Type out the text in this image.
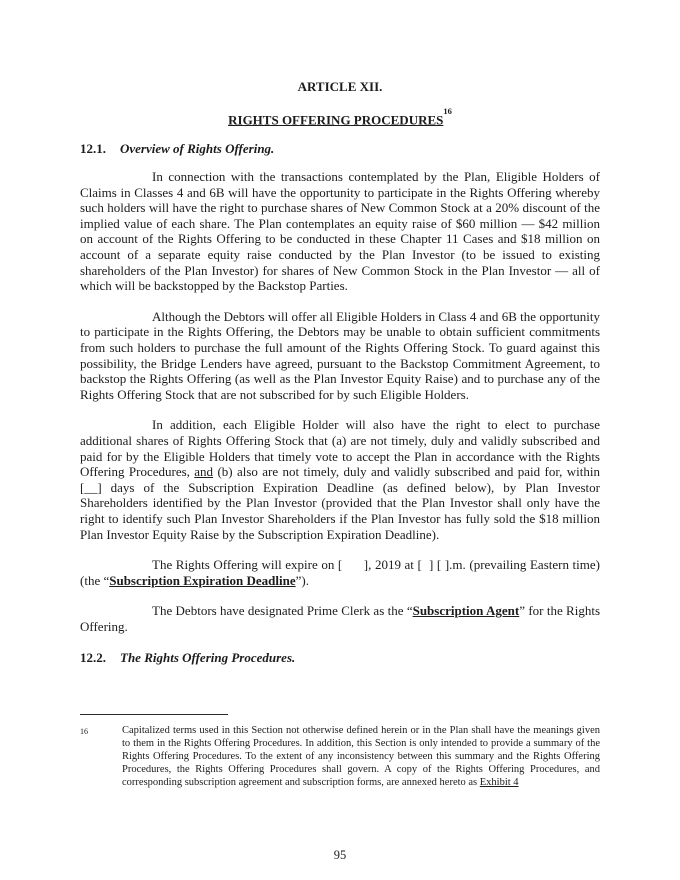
ARTICLE XII.
RIGHTS OFFERING PROCEDURES$^{16}$
12.1. Overview of Rights Offering.

In connection with the transactions contemplated by the Plan, Eligible Holders of Claims in Classes 4 and 6B will have the opportunity to participate in the Rights Offering whereby such holders will have the right to purchase shares of New Common Stock at a 20% discount of the implied value of each share. The Plan contemplates an equity raise of $60 million — $42 million on account of the Rights Offering to be conducted in these Chapter 11 Cases and $18 million on account of a separate equity raise conducted by the Plan Investor (to be issued to existing shareholders of the Plan Investor) for shares of New Common Stock in the Plan Investor — all of which will be backstopped by the Backstop Parties.

Although the Debtors will offer all Eligible Holders in Class 4 and 6B the opportunity to participate in the Rights Offering, the Debtors may be unable to obtain sufficient commitments from such holders to purchase the full amount of the Rights Offering Stock. To guard against this possibility, the Bridge Lenders have agreed, pursuant to the Backstop Commitment Agreement, to backstop the Rights Offering (as well as the Plan Investor Equity Raise) and to purchase any of the Rights Offering Stock that are not subscribed for by such Eligible Holders.

In addition, each Eligible Holder will also have the right to elect to purchase additional shares of Rights Offering Stock that (a) are not timely, duly and validly subscribed and paid for by the Eligible Holders that timely vote to accept the Plan in accordance with the Rights Offering Procedures, and (b) also are not timely, duly and validly subscribed and paid for, within [__] days of the Subscription Expiration Deadline (as defined below), by Plan Investor Shareholders identified by the Plan Investor (provided that the Plan Investor shall only have the right to identify such Plan Investor Shareholders if the Plan Investor has fully sold the $18 million Plan Investor Equity Raise by the Subscription Expiration Deadline).

The Rights Offering will expire on [      ], 2019 at [  ] [ ].m. (prevailing Eastern time) (the “Subscription Expiration Deadline”).

The Debtors have designated Prime Clerk as the “Subscription Agent” for the Rights Offering.

12.2. The Rights Offering Procedures.
16	Capitalized terms used in this Section not otherwise defined herein or in the Plan shall have the meanings given to them in the Rights Offering Procedures. In addition, this Section is only intended to provide a summary of the Rights Offering Procedures. To the extent of any inconsistency between this summary and the Rights Offering Procedures, the Rights Offering Procedures shall govern. A copy of the Rights Offering Procedures, and corresponding subscription agreement and subscription forms, are annexed hereto as Exhibit 4
95
